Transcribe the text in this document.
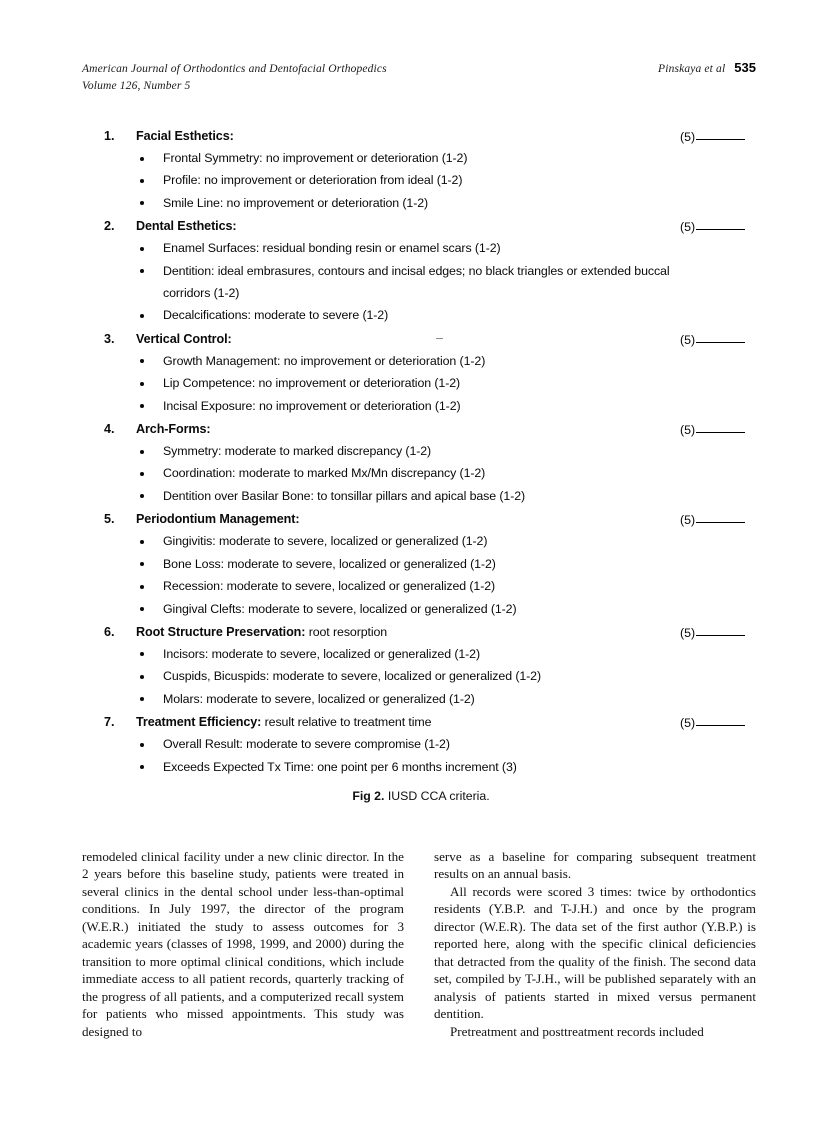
American Journal of Orthodontics and Dentofacial Orthopedics	Pinskaya et al 535
Volume 126, Number 5
1. Facial Esthetics:	(5)
Frontal Symmetry: no improvement or deterioration (1-2)
Profile: no improvement or deterioration from ideal (1-2)
Smile Line: no improvement or deterioration (1-2)
2. Dental Esthetics:	(5)
Enamel Surfaces: residual bonding resin or enamel scars (1-2)
Dentition: ideal embrasures, contours and incisal edges; no black triangles or extended buccal corridors (1-2)
Decalcifications: moderate to severe (1-2)
3. Vertical Control:	(5)
Growth Management: no improvement or deterioration (1-2)
Lip Competence: no improvement or deterioration (1-2)
Incisal Exposure: no improvement or deterioration (1-2)
4. Arch-Forms:	(5)
Symmetry: moderate to marked discrepancy (1-2)
Coordination: moderate to marked Mx/Mn discrepancy (1-2)
Dentition over Basilar Bone: to tonsillar pillars and apical base (1-2)
5. Periodontium Management:	(5)
Gingivitis: moderate to severe, localized or generalized (1-2)
Bone Loss: moderate to severe, localized or generalized (1-2)
Recession: moderate to severe, localized or generalized (1-2)
Gingival Clefts: moderate to severe, localized or generalized (1-2)
6. Root Structure Preservation: root resorption	(5)
Incisors: moderate to severe, localized or generalized (1-2)
Cuspids, Bicuspids: moderate to severe, localized or generalized (1-2)
Molars: moderate to severe, localized or generalized (1-2)
7. Treatment Efficiency: result relative to treatment time	(5)
Overall Result: moderate to severe compromise (1-2)
Exceeds Expected Tx Time: one point per 6 months increment (3)
Fig 2. IUSD CCA criteria.

remodeled clinical facility under a new clinic director. In the 2 years before this baseline study, patients were treated in several clinics in the dental school under less-than-optimal conditions. In July 1997, the director of the program (W.E.R.) initiated the study to assess outcomes for 3 academic years (classes of 1998, 1999, and 2000) during the transition to more optimal clinical conditions, which include immediate access to all patient records, quarterly tracking of the progress of all patients, and a computerized recall system for patients who missed appointments. This study was designed to

serve as a baseline for comparing subsequent treatment results on an annual basis.

All records were scored 3 times: twice by orthodontics residents (Y.B.P. and T-J.H.) and once by the program director (W.E.R). The data set of the first author (Y.B.P.) is reported here, along with the specific clinical deficiencies that detracted from the quality of the finish. The second data set, compiled by T-J.H., will be published separately with an analysis of patients started in mixed versus permanent dentition.

Pretreatment and posttreatment records included
